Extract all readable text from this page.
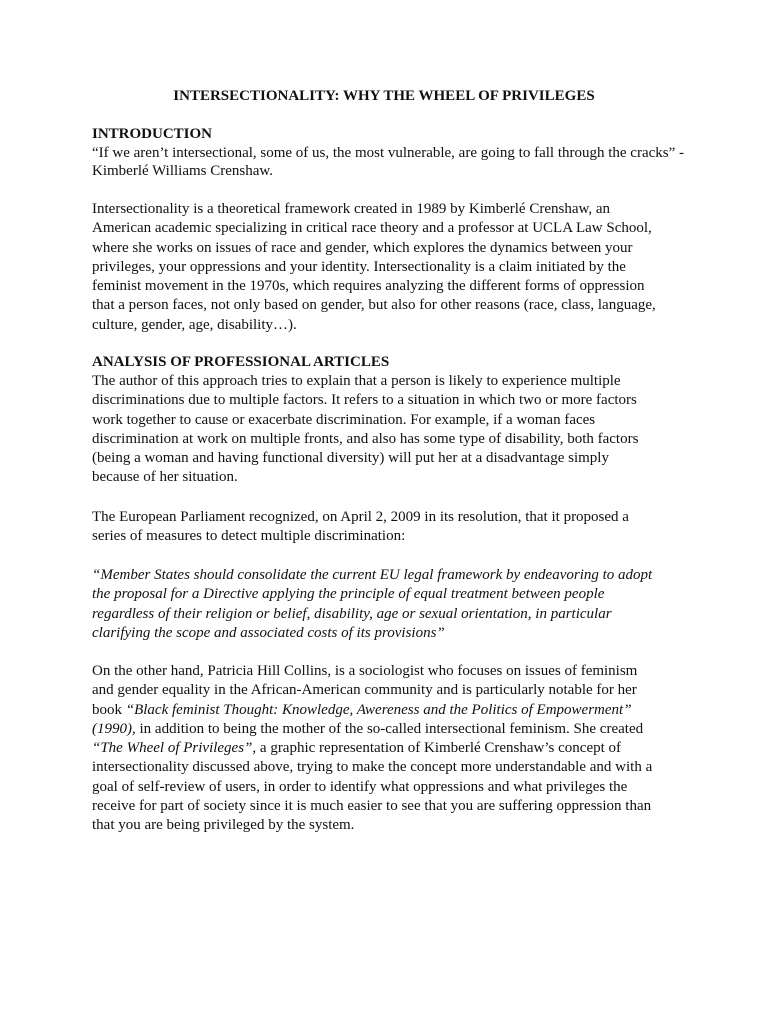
INTERSECTIONALITY: WHY THE WHEEL OF PRIVILEGES
INTRODUCTION
“If we aren’t intersectional, some of us, the most vulnerable, are going to fall through the cracks” -
Kimberlé Williams Crenshaw.
Intersectionality is a theoretical framework created in 1989 by Kimberlé Crenshaw, an
American academic specializing in critical race theory and a professor at UCLA Law School,
where she works on issues of race and gender, which explores the dynamics between your
privileges, your oppressions and your identity. Intersectionality is a claim initiated by the
feminist movement in the 1970s, which requires analyzing the different forms of oppression
that a person faces, not only based on gender, but also for other reasons (race, class, language,
culture, gender, age, disability…).
ANALYSIS OF PROFESSIONAL ARTICLES
The author of this approach tries to explain that a person is likely to experience multiple
discriminations due to multiple factors. It refers to a situation in which two or more factors
work together to cause or exacerbate discrimination. For example, if a woman faces
discrimination at work on multiple fronts, and also has some type of disability, both factors
(being a woman and having functional diversity) will put her at a disadvantage simply
because of her situation.
The European Parliament recognized, on April 2, 2009 in its resolution, that it proposed a
series of measures to detect multiple discrimination:
“Member States should consolidate the current EU legal framework by endeavoring to adopt
the proposal for a Directive applying the principle of equal treatment between people
regardless of their religion or belief, disability, age or sexual orientation, in particular
clarifying the scope and associated costs of its provisions”
On the other hand, Patricia Hill Collins, is a sociologist who focuses on issues of feminism
and gender equality in the African-American community and is particularly notable for her
book “Black feminist Thought: Knowledge, Awereness and the Politics of Empowerment”
(1990), in addition to being the mother of the so-called intersectional feminism. She created
“The Wheel of Privileges”, a graphic representation of Kimberlé Crenshaw’s concept of
intersectionality discussed above, trying to make the concept more understandable and with a
goal of self-review of users, in order to identify what oppressions and what privileges the
receive for part of society since it is much easier to see that you are suffering oppression than
that you are being privileged by the system.
